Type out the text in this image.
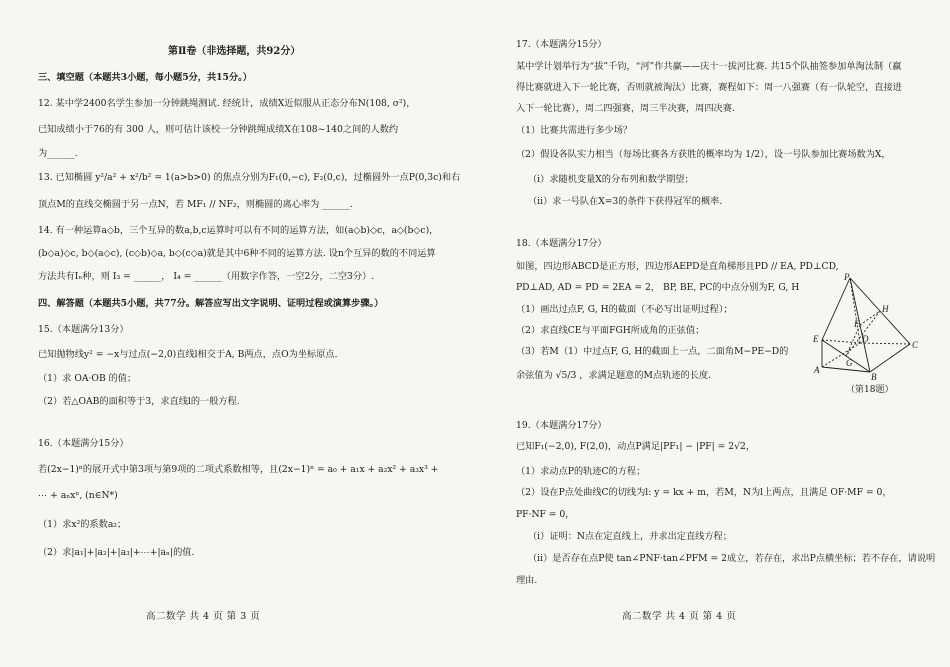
第Ⅱ卷（非选择题，共92分）
三、填空题（本题共3小题，每小题5分，共15分。）
12. 某中学2400名学生参加一分钟跳绳测试. 经统计，成绩X近似服从正态分布N(108, σ²)，
已知成绩小于76的有 300 人，则可估计该校一分钟跳绳成绩X在108~140之间的人数约
为______.
13. 已知椭圆 y²/a² + x²/b² = 1(a>b>0) 的焦点分别为F₁(0,−c), F₂(0,c)，过椭圆外一点P(0,3c)和右
顶点M的直线交椭圆于另一点N，若 MF₁ // NF₂，则椭圆的离心率为 ______.
14. 有一种运算a◇b，三个互异的数a,b,c运算时可以有不同的运算方法，如(a◇b)◇c，a◇(b◇c)，
(b◇a)◇c, b◇(a◇c), (c◇b)◇a, b◇(c◇a)就是其中6种不同的运算方法. 设n个互异的数的不同运算
方法共有Iₙ种，则 I₃ = ______， I₄ = ______（用数字作答，一空2分，二空3分）.
四、解答题（本题共5小题，共77分。解答应写出文字说明、证明过程或演算步骤。）
15.（本题满分13分）
已知抛物线y² = −x与过点(−2,0)直线l相交于A, B两点，点O为坐标原点．
（1）求 OA·OB 的值；
（2）若△OAB的面积等于3，求直线l的一般方程.
16.（本题满分15分）
若(2x−1)ⁿ的展开式中第3项与第9项的二项式系数相等，且(2x−1)ⁿ = a₀ + a₁x + a₂x² + a₃x³ +
⋯ + aₙxⁿ, (n∈N*)
（1）求x²的系数a₂；
（2）求|a₁|+|a₂|+|a₃|+⋯+|aₙ|的值.
高二数学 共 4 页 第 3 页
17.（本题满分15分）
某中学计划举行为“拔”千钧，“河”作共赢——庆十一拔河比赛. 共15个队抽签参加单淘汰制（赢
得比赛就进入下一轮比赛，否则就被淘汰）比赛，赛程如下：周一八强赛（有一队轮空，直接进
入下一轮比赛），周二四强赛，周三半决赛，周四决赛.
（1）比赛共需进行多少场？
（2）假设各队实力相当（每场比赛各方获胜的概率均为 1/2），设一号队参加比赛场数为X，
（i）求随机变量X的分布列和数学期望；
（ii）求一号队在X=3的条件下获得冠军的概率.
18.（本题满分17分）
如图，四边形ABCD是正方形，四边形AEPD是直角梯形且PD // EA, PD⊥CD,
PD⊥AD, AD = PD = 2EA = 2， BP, BE, PC的中点分别为F, G, H
（1）画出过点F, G, H的截面（不必写出证明过程）；
（2）求直线CE与平面FGH所成角的正弦值；
（3）若M（1）中过点F, G, H的截面上一点，二面角M−PE−D的
余弦值为 √5/3 ，求满足题意的M点轨迹的长度.
19.（本题满分17分）
已知F₁(−2,0), F(2,0)，动点P满足|PF₁| − |PF| = 2√2，
（1）求动点P的轨迹C的方程；
（2）设在P点处曲线C的切线为l: y = kx + m，若M，N为l上两点，且满足 OF·MF = 0，
PF·NF = 0，
（i）证明：N点在定直线上，并求出定直线方程；
（ii）是否存在点P使 tan∠PNF·tan∠PFM = 2成立，若存在，求出P点横坐标；若不存在，请说明
理由.
高二数学 共 4 页 第 4 页
P
H
F
E
G
D
C
A
B
（第18题）
